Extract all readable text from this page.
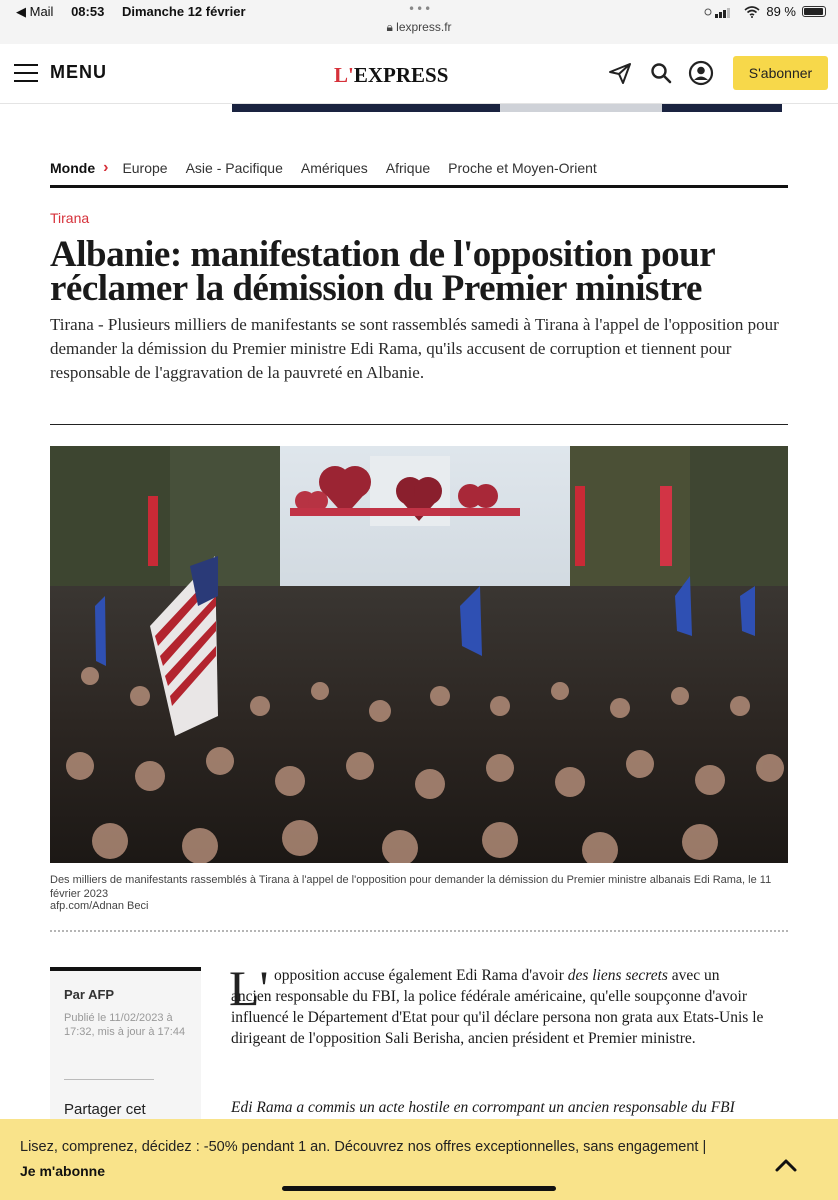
◀ Mail 08:53 Dimanche 12 février	•••
🔒︎ lexpress.fr
89 %
MENU	L'EXPRESS	S'abonner
Monde › Europe Asie - Pacifique Amériques Afrique Proche et Moyen-Orient
Tirana
Albanie: manifestation de l'opposition pour réclamer la démission du Premier ministre

Tirana - Plusieurs milliers de manifestants se sont rassemblés samedi à Tirana à l'appel de l'opposition pour demander la démission du Premier ministre Edi Rama, qu'ils accusent de corruption et tiennent pour responsable de l'aggravation de la pauvreté en Albanie.

Des milliers de manifestants rassemblés à Tirana à l'appel de l'opposition pour demander la démission du Premier ministre albanais Edi Rama, le 11 février 2023
afp.com/Adnan Beci
Par AFP
Publié le 11/02/2023 à 17:32, mis à jour à 17:44
Partager cet
L' opposition accuse également Edi Rama d'avoir des liens secrets avec un
ancien responsable du FBI, la police fédérale américaine, qu'elle soupçonne d'avoir influencé le Département d'Etat pour qu'il déclare persona non grata aux Etats-Unis le dirigeant de l'opposition Sali Berisha, ancien président et Premier ministre.
Edi Rama a commis un acte hostile en corrompant un ancien responsable du FBI
Lisez, comprenez, décidez : -50% pendant 1 an. Découvrez nos offres exceptionnelles, sans engagement |
Je m'abonne
